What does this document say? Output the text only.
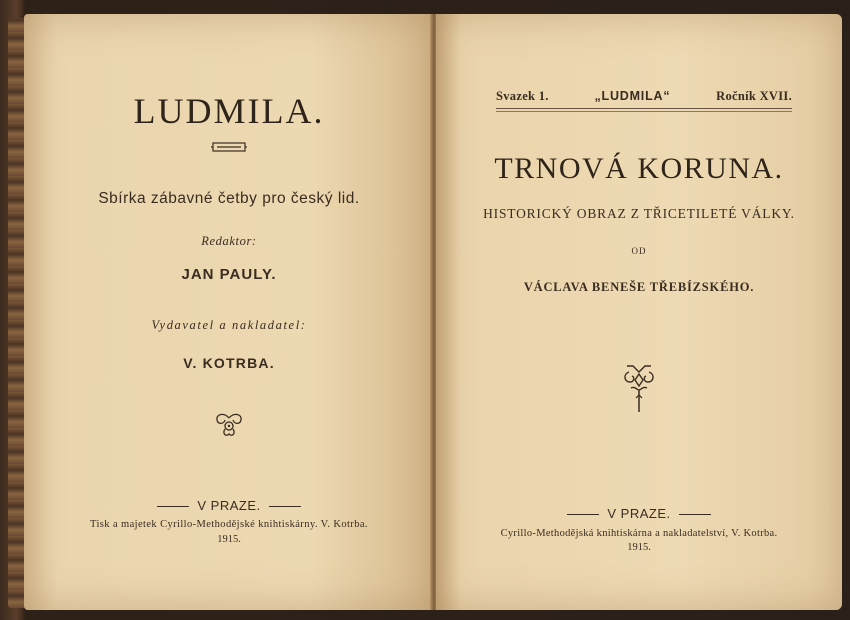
LUDMILA.
Sbírka zábavné četby pro český lid.
Redaktor:
JAN PAULY.
Vydavatel a nakladatel:
V. KOTRBA.
V PRAZE.
Tisk a majetek Cyrillo-Methodějské knihtiskárny. V. Kotrba.
1915.
Svazek 1.	„LUDMILA“	Ročník XVII.
TRNOVÁ KORUNA.
HISTORICKÝ OBRAZ Z TŘICETILETÉ VÁLKY.
OD
VÁCLAVA BENEŠE TŘEBÍZSKÉHO.
V PRAZE.
Cyrillo-Methodějská knihtiskárna a nakladatelství, V. Kotrba.
1915.
